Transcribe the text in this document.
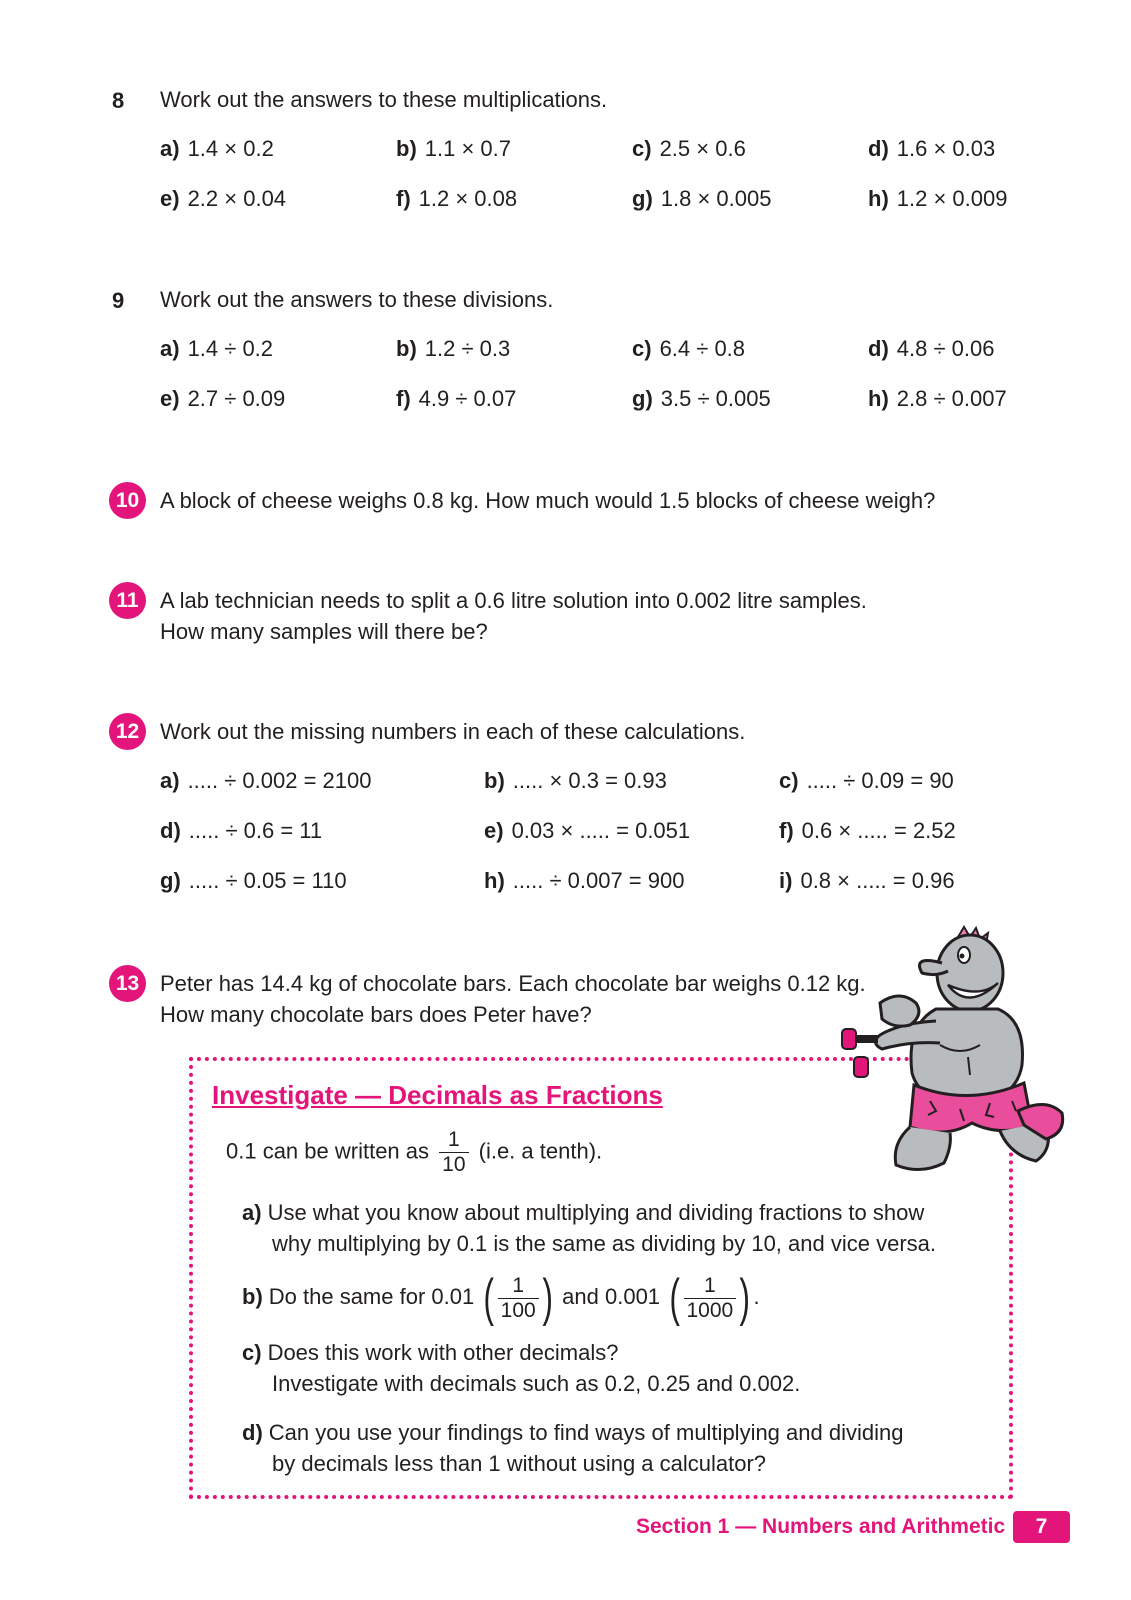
8 Work out the answers to these multiplications.
a) 1.4 × 0.2	b) 1.1 × 0.7	c) 2.5 × 0.6	d) 1.6 × 0.03
e) 2.2 × 0.04	f) 1.2 × 0.08	g) 1.8 × 0.005	h) 1.2 × 0.009
9 Work out the answers to these divisions.
a) 1.4 ÷ 0.2	b) 1.2 ÷ 0.3	c) 6.4 ÷ 0.8	d) 4.8 ÷ 0.06
e) 2.7 ÷ 0.09	f) 4.9 ÷ 0.07	g) 3.5 ÷ 0.005	h) 2.8 ÷ 0.007
10 A block of cheese weighs 0.8 kg. How much would 1.5 blocks of cheese weigh?
11 A lab technician needs to split a 0.6 litre solution into 0.002 litre samples.
How many samples will there be?
12 Work out the missing numbers in each of these calculations.
a) ..... ÷ 0.002 = 2100	b) ..... × 0.3 = 0.93	c) ..... ÷ 0.09 = 90
d) ..... ÷ 0.6 = 11	e) 0.03 × ..... = 0.051	f) 0.6 × ..... = 2.52
g) ..... ÷ 0.05 = 110	h) ..... ÷ 0.007 = 900	i) 0.8 × ..... = 0.96
13 Peter has 14.4 kg of chocolate bars. Each chocolate bar weighs 0.12 kg.
How many chocolate bars does Peter have?
Investigate — Decimals as Fractions
0.1 can be written as $\frac{1}{10} (i.e$. a tenth).
a) Use what you know about multiplying and dividing fractions to show
why multiplying by 0.1 is the same as dividing by 10, and vice versa.
b) Do the same for 0.01 ( $\frac{1}{100}$ ) and 0.001 ( $\frac{1}{1000}$ ) .
c) Does this work with other decimals?
Investigate with decimals such as 0.2, 0.25 and 0.002.
d) Can you use your findings to find ways of multiplying and dividing
by decimals less than 1 without using a calculator?
Section 1 — Numbers and Arithmetic	7
